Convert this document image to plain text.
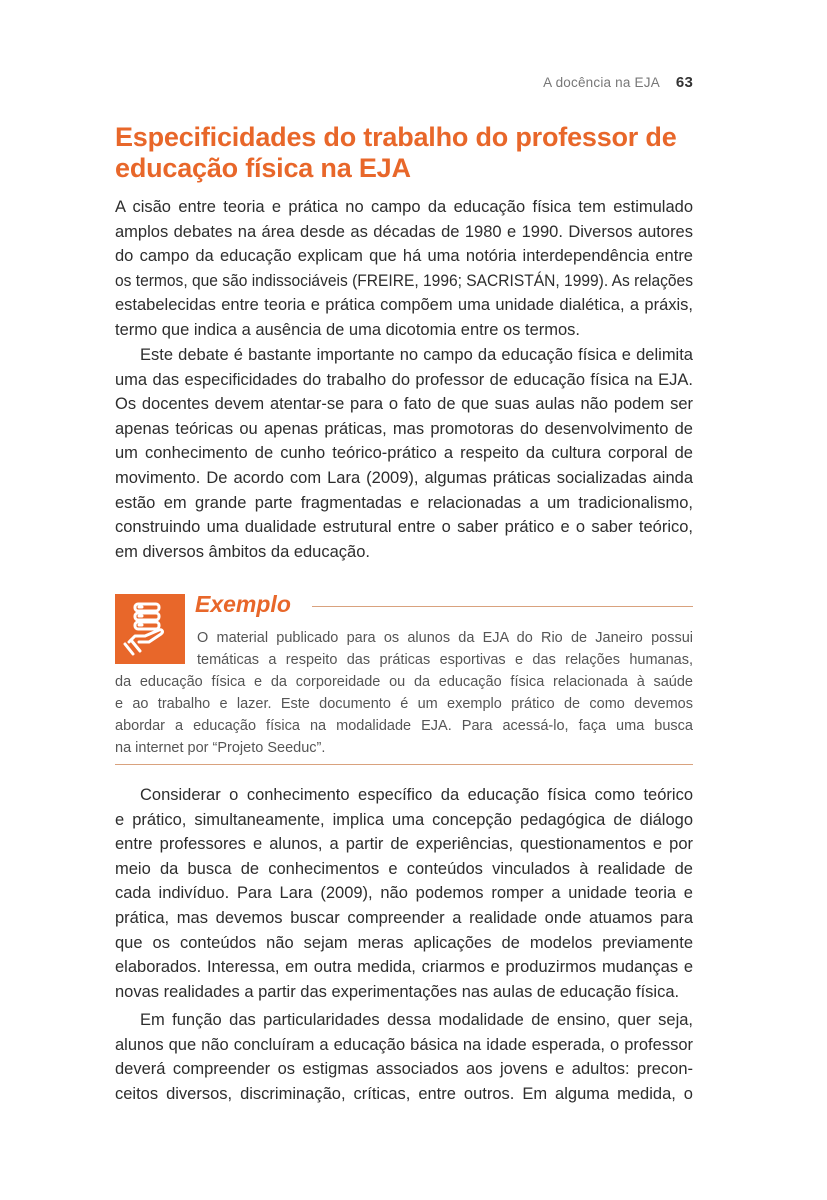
A docência na EJA 63
Especificidades do trabalho do professor de
educação física na EJA
A cisão entre teoria e prática no campo da educação física tem estimulado
amplos debates na área desde as décadas de 1980 e 1990. Diversos autores
do campo da educação explicam que há uma notória interdependência entre
os termos, que são indissociáveis (FREIRE, 1996; SACRISTÁN, 1999). As relações
estabelecidas entre teoria e prática compõem uma unidade dialética, a práxis,
termo que indica a ausência de uma dicotomia entre os termos.
Este debate é bastante importante no campo da educação física e delimita
uma das especificidades do trabalho do professor de educação física na EJA.
Os docentes devem atentar-se para o fato de que suas aulas não podem ser
apenas teóricas ou apenas práticas, mas promotoras do desenvolvimento de
um conhecimento de cunho teórico-prático a respeito da cultura corporal de
movimento. De acordo com Lara (2009), algumas práticas socializadas ainda
estão em grande parte fragmentadas e relacionadas a um tradicionalismo,
construindo uma dualidade estrutural entre o saber prático e o saber teórico,
em diversos âmbitos da educação.
Exemplo
O material publicado para os alunos da EJA do Rio de Janeiro possui
temáticas a respeito das práticas esportivas e das relações humanas,
da educação física e da corporeidade ou da educação física relacionada à saúde
e ao trabalho e lazer. Este documento é um exemplo prático de como devemos
abordar a educação física na modalidade EJA. Para acessá-lo, faça uma busca
na internet por “Projeto Seeduc”.
Considerar o conhecimento específico da educação física como teórico
e prático, simultaneamente, implica uma concepção pedagógica de diálogo
entre professores e alunos, a partir de experiências, questionamentos e por
meio da busca de conhecimentos e conteúdos vinculados à realidade de
cada indivíduo. Para Lara (2009), não podemos romper a unidade teoria e
prática, mas devemos buscar compreender a realidade onde atuamos para
que os conteúdos não sejam meras aplicações de modelos previamente
elaborados. Interessa, em outra medida, criarmos e produzirmos mudanças e
novas realidades a partir das experimentações nas aulas de educação física.
Em função das particularidades dessa modalidade de ensino, quer seja,
alunos que não concluíram a educação básica na idade esperada, o professor
deverá compreender os estigmas associados aos jovens e adultos: precon-
ceitos diversos, discriminação, críticas, entre outros. Em alguma medida, o
